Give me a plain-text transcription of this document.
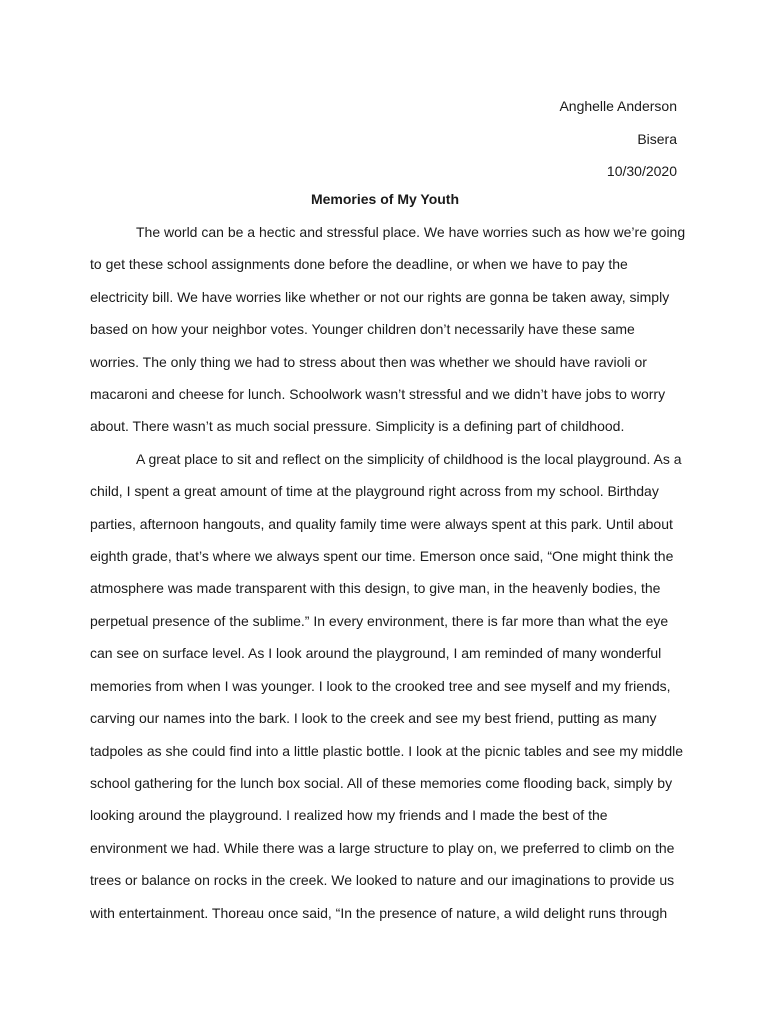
Anghelle Anderson
Bisera
10/30/2020
Memories of My Youth
The world can be a hectic and stressful place. We have worries such as how we’re going
to get these school assignments done before the deadline, or when we have to pay the
electricity bill. We have worries like whether or not our rights are gonna be taken away, simply
based on how your neighbor votes. Younger children don’t necessarily have these same
worries. The only thing we had to stress about then was whether we should have ravioli or
macaroni and cheese for lunch. Schoolwork wasn’t stressful and we didn’t have jobs to worry
about. There wasn’t as much social pressure. Simplicity is a defining part of childhood.
A great place to sit and reflect on the simplicity of childhood is the local playground. As a
child, I spent a great amount of time at the playground right across from my school. Birthday
parties, afternoon hangouts, and quality family time were always spent at this park. Until about
eighth grade, that’s where we always spent our time. Emerson once said, “One might think the
atmosphere was made transparent with this design, to give man, in the heavenly bodies, the
perpetual presence of the sublime.” In every environment, there is far more than what the eye
can see on surface level. As I look around the playground, I am reminded of many wonderful
memories from when I was younger. I look to the crooked tree and see myself and my friends,
carving our names into the bark. I look to the creek and see my best friend, putting as many
tadpoles as she could find into a little plastic bottle. I look at the picnic tables and see my middle
school gathering for the lunch box social. All of these memories come flooding back, simply by
looking around the playground. I realized how my friends and I made the best of the
environment we had. While there was a large structure to play on, we preferred to climb on the
trees or balance on rocks in the creek. We looked to nature and our imaginations to provide us
with entertainment. Thoreau once said, “In the presence of nature, a wild delight runs through
